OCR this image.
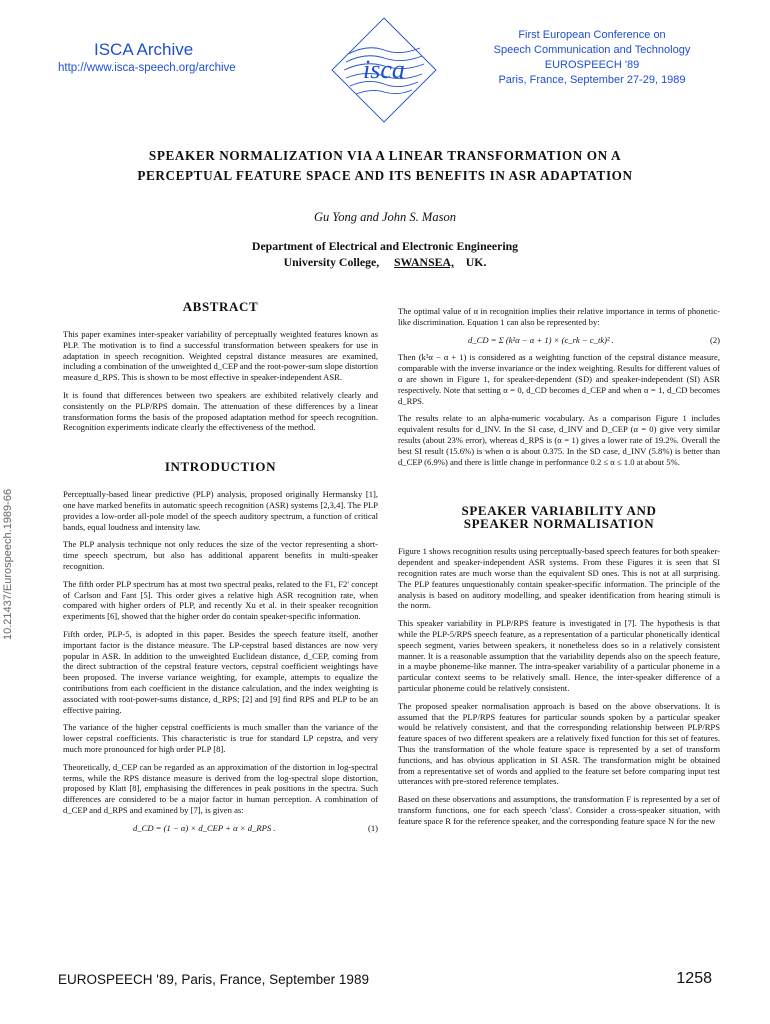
ISCA Archive
http://www.isca-speech.org/archive	isca
First European Conference on
Speech Communication and Technology
EUROSPEECH '89
Paris, France, September 27-29, 1989
SPEAKER NORMALIZATION VIA A LINEAR TRANSFORMATION ON A
PERCEPTUAL FEATURE SPACE AND ITS BENEFITS IN ASR ADAPTATION
Gu Yong and John S. Mason
Department of Electrical and Electronic Engineering
University College, SWANSEA, UK.
10.21437/Eurospeech.1989-66
ABSTRACT

This paper examines inter-speaker variability of perceptually weighted features known as PLP. The motivation is to find a successful transformation between speakers for use in adaptation in speech recognition. Weighted cepstral distance measures are examined, including a combination of the unweighted d_CEP and the root-power-sum slope distortion measure d_RPS. This is shown to be most effective in speaker-independent ASR.

It is found that differences between two speakers are exhibited relatively clearly and consistently on the PLP/RPS domain. The attenuation of these differences by a linear transformation forms the basis of the proposed adaptation method for speech recognition. Recognition experiments indicate clearly the effectiveness of the method.

INTRODUCTION

Perceptually-based linear predictive (PLP) analysis, proposed originally Hermansky [1], one have marked benefits in automatic speech recognition (ASR) systems [2,3,4]. The PLP provides a low-order all-pole model of the speech auditory spectrum, a function of critical bands, equal loudness and intensity law.

The PLP analysis technique not only reduces the size of the vector representing a short-time speech spectrum, but also has additional apparent benefits in multi-speaker recognition.

The fifth order PLP spectrum has at most two spectral peaks, related to the F1, F2' concept of Carlson and Fant [5]. This order gives a relative high ASR recognition rate, when compared with higher orders of PLP, and recently Xu et al. in their speaker recognition experiments [6], showed that the higher order do contain speaker-specific information.

Fifth order, PLP-5, is adopted in this paper. Besides the speech feature itself, another important factor is the distance measure. The LP-cepstral based distances are now very popular in ASR. In addition to the unweighted Euclidean distance, d_CEP, coming from the direct subtraction of the cepstral feature vectors, cepstral coefficient weightings have been proposed. The inverse variance weighting, for example, attempts to equalize the contributions from each coefficient in the distance calculation, and the index weighting is associated with root-power-sums distance, d_RPS; [2] and [9] find RPS and PLP to be an effective pairing.

The variance of the higher cepstral coefficients is much smaller than the variance of the lower cepstral coefficients. This characteristic is true for standard LP cepstra, and very much more pronounced for high order PLP [8].

Theoretically, d_CEP can be regarded as an approximation of the distortion in log-spectral terms, while the RPS distance measure is derived from the log-spectral slope distortion, proposed by Klatt [8], emphasising the differences in peak positions in the spectra. Such differences are considered to be a major factor in human perception. A combination of d_CEP and d_RPS and examined by [7], is given as:

d_CD = (1 − α) × d_CEP + α × d_RPS .	(1)

The optimal value of α in recognition implies their relative importance in terms of phonetic-like discrimination. Equation 1 can also be represented by:

d_CD = Σ (k²α − α + 1) × (c_rk − c_tk)² .	(2)

Then (k²α − α + 1) is considered as a weighting function of the cepstral distance measure, comparable with the inverse invariance or the index weighting. Results for different values of α are shown in Figure 1, for speaker-dependent (SD) and speaker-independent (SI) ASR respectively. Note that setting α = 0, d_CD becomes d_CEP and when α = 1, d_CD becomes d_RPS.

The results relate to an alpha-numeric vocabulary. As a comparison Figure 1 includes equivalent results for d_INV. In the SI case, d_INV and D_CEP (α = 0) give very similar results (about 23% error), whereas d_RPS is (α = 1) gives a lower rate of 19.2%. Overall the best SI result (15.6%) is when α is about 0.375. In the SD case, d_INV (5.8%) is better than d_CEP (6.9%) and there is little change in performance 0.2 ≤ α ≤ 1.0 at about 5%.

SPEAKER VARIABILITY AND
SPEAKER NORMALISATION

Figure 1 shows recognition results using perceptually-based speech features for both speaker-dependent and speaker-independent ASR systems. From these Figures it is seen that SI recognition rates are much worse than the equivalent SD ones. This is not at all surprising. The PLP features unquestionably contain speaker-specific information. The principle of the analysis is based on auditory modelling, and speaker identification from hearing stimuli is the norm.

This speaker variability in PLP/RPS feature is investigated in [7]. The hypothesis is that while the PLP-5/RPS speech feature, as a representation of a particular phonetically identical speech segment, varies between speakers, it nonetheless does so in a relatively consistent manner. It is a reasonable assumption that the variability depends also on the speech feature, in a maybe phoneme-like manner. The intra-speaker variability of a particular phoneme in a particular context seems to be relatively small. Hence, the inter-speaker difference of a particular phoneme could be relatively consistent.

The proposed speaker normalisation approach is based on the above observations. It is assumed that the PLP/RPS features for particular sounds spoken by a particular speaker would be relatively consistent, and that the corresponding relationship between PLP/RPS feature spaces of two different speakers are a relatively fixed function for this set of features. Thus the transformation of the whole feature space is represented by a set of transform functions, and has obvious application in SI ASR. The transformation might be obtained from a representative set of words and applied to the feature set before comparing input test utterances with pre-stored reference templates.

Based on these observations and assumptions, the transformation F is represented by a set of transform functions, one for each speech 'class'. Consider a cross-speaker situation, with feature space R for the reference speaker, and the corresponding feature space N for the new

EUROSPEECH '89, Paris, France, September 1989	1258
